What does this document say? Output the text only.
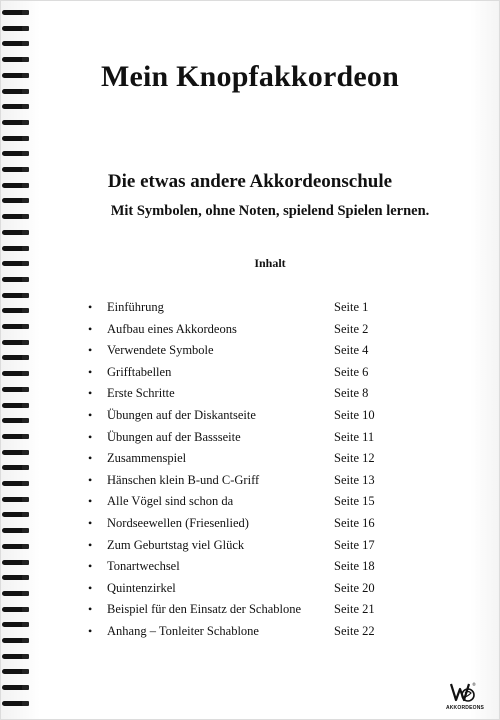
Mein Knopfakkordeon
Die etwas andere Akkordeonschule
Mit Symbolen, ohne Noten, spielend Spielen lernen.
Inhalt
• Einführung	Seite 1
• Aufbau eines Akkordeons	Seite 2
• Verwendete Symbole	Seite 4
• Grifftabellen	Seite 6
• Erste Schritte	Seite 8
• Übungen auf der Diskantseite	Seite 10
• Übungen auf der Bassseite	Seite 11
• Zusammenspiel	Seite 12
• Hänschen klein B-und C-Griff	Seite 13
• Alle Vögel sind schon da	Seite 15
• Nordseewellen (Friesenlied)	Seite 16
• Zum Geburtstag viel Glück	Seite 17
• Tonartwechsel	Seite 18
• Quintenzirkel	Seite 20
• Beispiel für den Einsatz der Schablone	Seite 21
• Anhang – Tonleiter Schablone	Seite 22
®
AKKORDEONS
